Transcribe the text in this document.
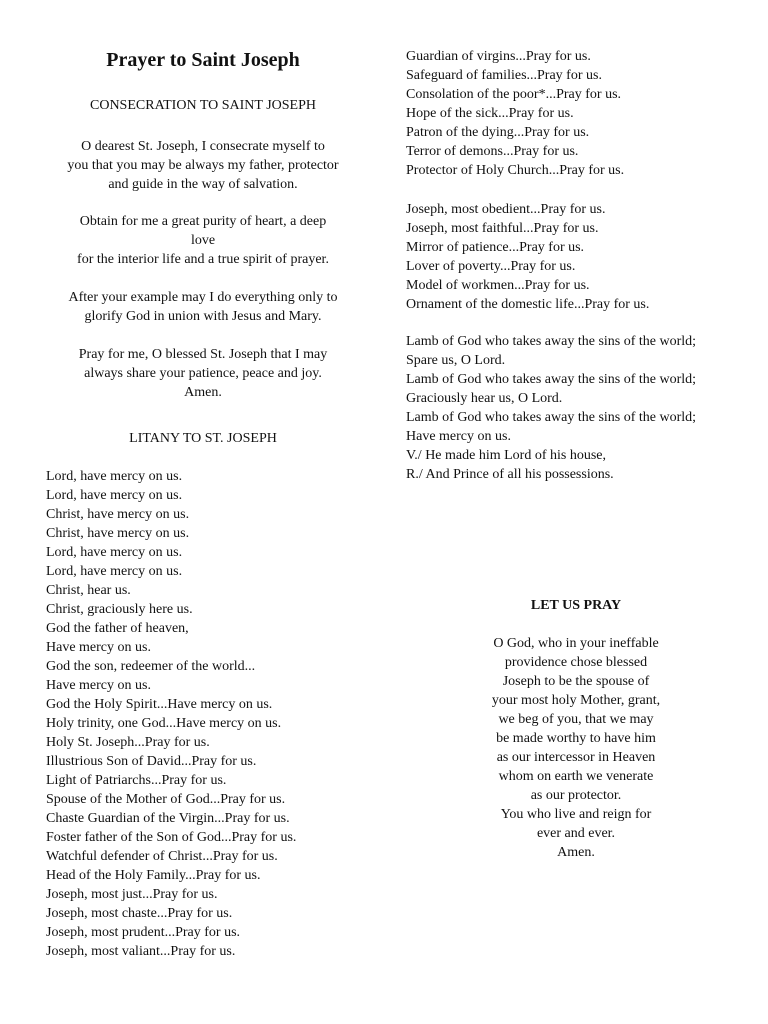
Prayer to Saint Joseph
CONSECRATION TO SAINT JOSEPH
O dearest St. Joseph, I consecrate myself to
you that you may be always my father, protector
and guide in the way of salvation.
Obtain for me a great purity of heart, a deep
love
for the interior life and a true spirit of prayer.
After your example may I do everything only to
glorify God in union with Jesus and Mary.
Pray for me, O blessed St. Joseph that I may
always share your patience, peace and joy.
Amen.
LITANY TO ST. JOSEPH
Lord, have mercy on us.
Lord, have mercy on us.
Christ, have mercy on us.
Christ, have mercy on us.
Lord, have mercy on us.
Lord, have mercy on us.
Christ, hear us.
Christ, graciously here us.
God the father of heaven,
Have mercy on us.
God the son, redeemer of the world...
Have mercy on us.
God the Holy Spirit...Have mercy on us.
Holy trinity, one God...Have mercy on us.
Holy St. Joseph...Pray for us.
Illustrious Son of David...Pray for us.
Light of Patriarchs...Pray for us.
Spouse of the Mother of God...Pray for us.
Chaste Guardian of the Virgin...Pray for us.
Foster father of the Son of God...Pray for us.
Watchful defender of Christ...Pray for us.
Head of the Holy Family...Pray for us.
Joseph, most just...Pray for us.
Joseph, most chaste...Pray for us.
Joseph, most prudent...Pray for us.
Joseph, most valiant...Pray for us.
Guardian of virgins...Pray for us.
Safeguard of families...Pray for us.
Consolation of the poor*...Pray for us.
Hope of the sick...Pray for us.
Patron of the dying...Pray for us.
Terror of demons...Pray for us.
Protector of Holy Church...Pray for us.
Joseph, most obedient...Pray for us.
Joseph, most faithful...Pray for us.
Mirror of patience...Pray for us.
Lover of poverty...Pray for us.
Model of workmen...Pray for us.
Ornament of the domestic life...Pray for us.
Lamb of God who takes away the sins of the world;
Spare us, O Lord.
Lamb of God who takes away the sins of the world;
Graciously hear us, O Lord.
Lamb of God who takes away the sins of the world;
Have mercy on us.
V./ He made him Lord of his house,
R./ And Prince of all his possessions.
LET US PRAY
O God, who in your ineffable
providence chose blessed
Joseph to be the spouse of
your most holy Mother, grant,
we beg of you, that we may
be made worthy to have him
as our intercessor in Heaven
whom on earth we venerate
as our protector.
You who live and reign for
ever and ever.
Amen.
